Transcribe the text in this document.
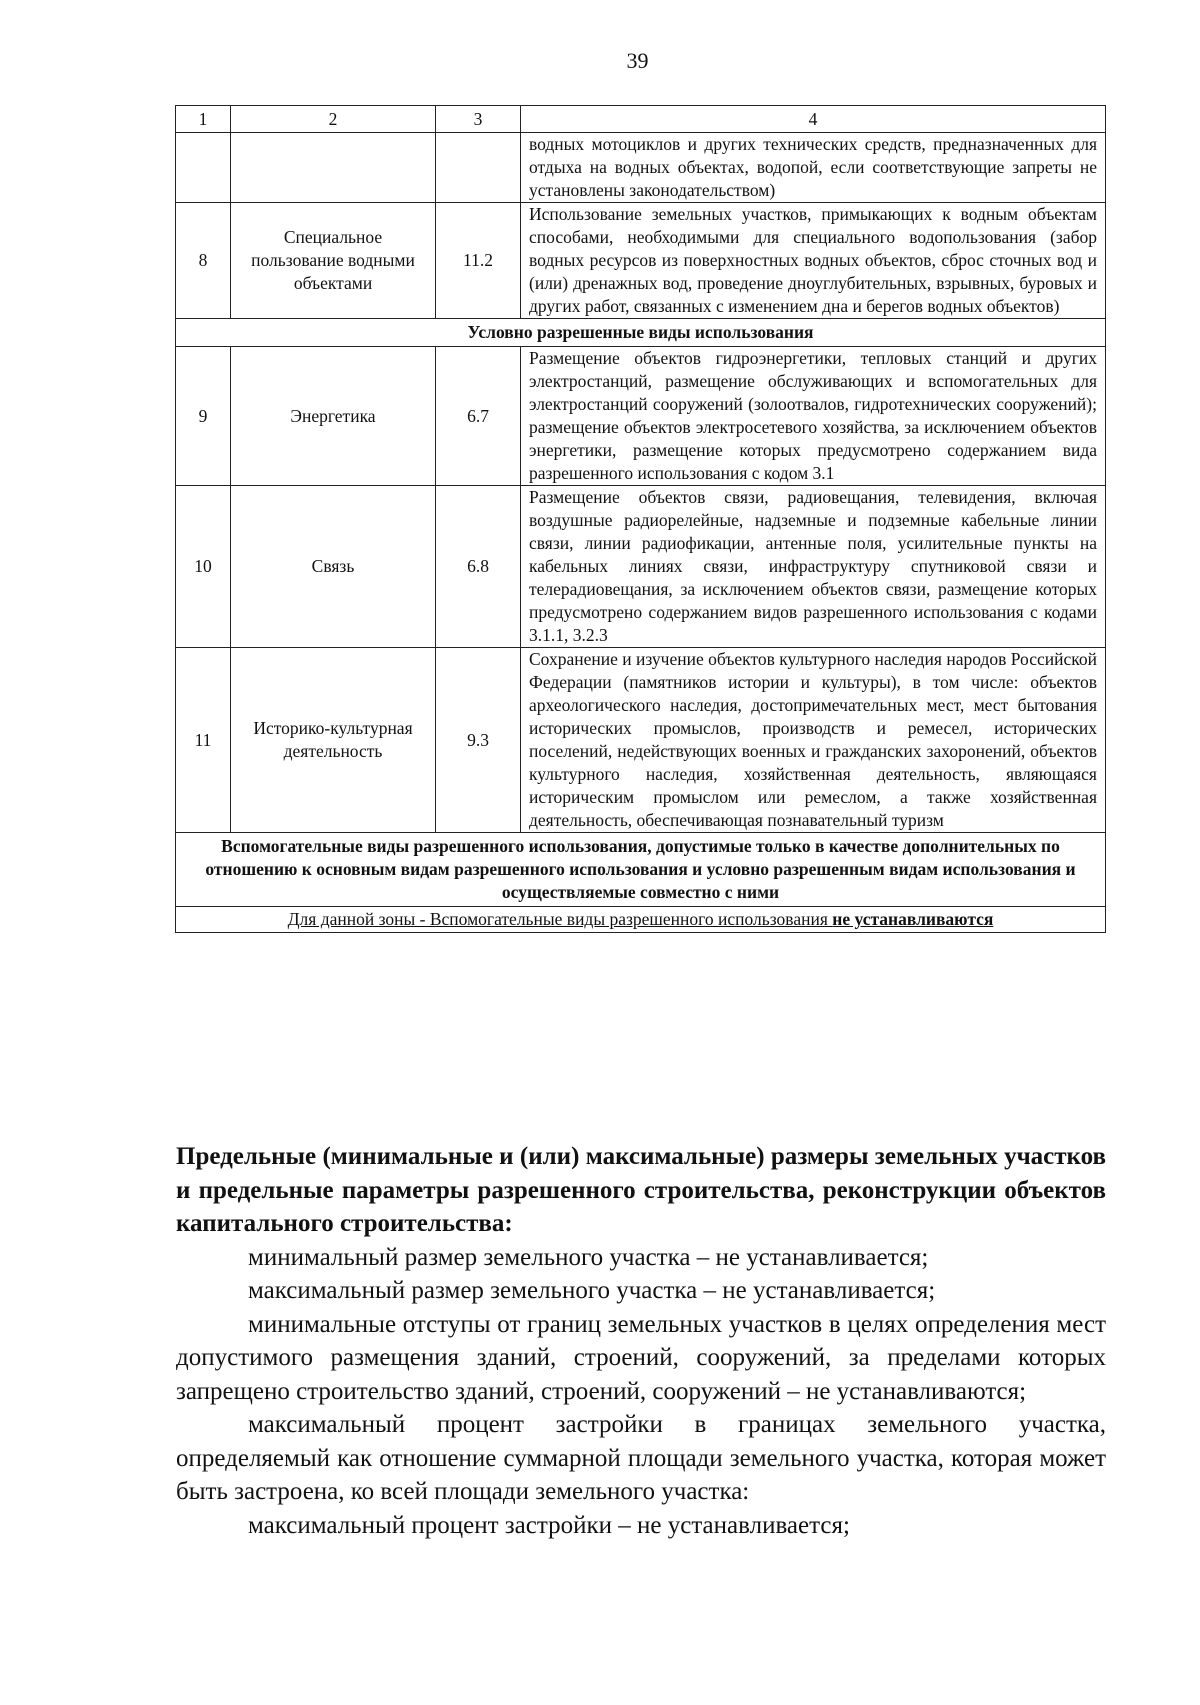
39
1	2	3	4
			водных мотоциклов и других технических средств, предназначенных для отдыха на водных объектах, водопой, если соответствующие запреты не установлены законодательством)
8	Специальное пользование водными объектами	11.2	Использование земельных участков, примыкающих к водным объектам способами, необходимыми для специального водопользования (забор водных ресурсов из поверхностных водных объектов, сброс сточных вод и (или) дренажных вод, проведение дноуглубительных, взрывных, буровых и других работ, связанных с изменением дна и берегов водных объектов)
Условно разрешенные виды использования			
9	Энергетика	6.7	Размещение объектов гидроэнергетики, тепловых станций и других электростанций, размещение обслуживающих и вспомогательных для электростанций сооружений (золоотвалов, гидротехнических сооружений); размещение объектов электросетевого хозяйства, за исключением объектов энергетики, размещение которых предусмотрено содержанием вида разрешенного использования с кодом 3.1
10	Связь	6.8	Размещение объектов связи, радиовещания, телевидения, включая воздушные радиорелейные, надземные и подземные кабельные линии связи, линии радиофикации, антенные поля, усилительные пункты на кабельных линиях связи, инфраструктуру спутниковой связи и телерадиовещания, за исключением объектов связи, размещение которых предусмотрено содержанием видов разрешенного использования с кодами 3.1.1, 3.2.3
11	Историко-культурная деятельность	9.3	Сохранение и изучение объектов культурного наследия народов Российской Федерации (памятников истории и культуры), в том числе: объектов археологического наследия, достопримечательных мест, мест бытования исторических промыслов, производств и ремесел, исторических поселений, недействующих военных и гражданских захоронений, объектов культурного наследия, хозяйственная деятельность, являющаяся историческим промыслом или ремеслом, а также хозяйственная деятельность, обеспечивающая познавательный туризм
Вспомогательные виды разрешенного использования, допустимые только в качестве дополнительных по отношению к основным видам разрешенного использования и условно разрешенным видам использования и осуществляемые совместно с ними			
Для данной зоны - Вспомогательные виды разрешенного использования не устанавливаются			

Предельные (минимальные и (или) максимальные) размеры земельных участков и предельные параметры разрешенного строительства, реконструкции объектов капитального строительства:

минимальный размер земельного участка – не устанавливается;

максимальный размер земельного участка – не устанавливается;

минимальные отступы от границ земельных участков в целях определения мест допустимого размещения зданий, строений, сооружений, за пределами которых запрещено строительство зданий, строений, сооружений – не устанавливаются;

максимальный процент застройки в границах земельного участка, определяемый как отношение суммарной площади земельного участка, которая может быть застроена, ко всей площади земельного участка:

максимальный процент застройки – не устанавливается;
